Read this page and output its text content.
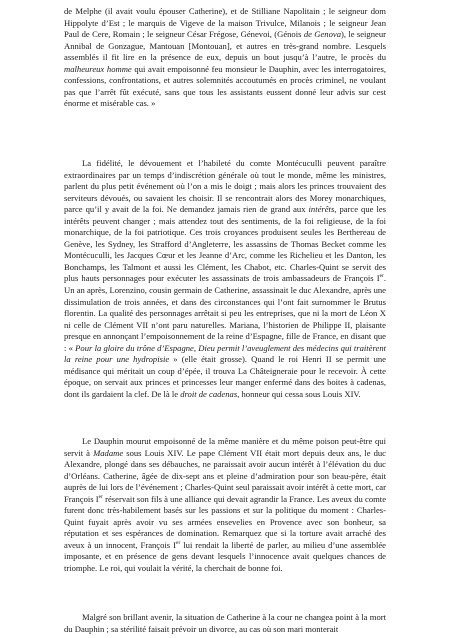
de Melphe (il avait voulu épouser Catherine), et de Stilliane Napolitain ; le seigneur dom Hippolyte d’Est ; le marquis de Vigeve de la maison Trivulce, Milanois ; le seigneur Jean Paul de Cere, Romain ; le seigneur César Frégose, Génevoi, (Génois de Genova), le seigneur Annibal de Gonzague, Mantouan [Montouan], et autres en très-grand nombre. Lesquels assemblés il fit lire en la présence de eux, depuis un bout jusqu’à l’autre, le procès du malheureux homme qui avait empoisonné feu monsieur le Dauphin, avec les interrogatoires, confessions, confrontations, et autres solemnités accoutumés en procès criminel, ne voulant pas que l’arrêt fût exécuté, sans que tous les assistants eussent donné leur advis sur cest énorme et misérable cas. »

La fidélité, le dévouement et l’habileté du comte Montécuculli peuvent paraître extraordinaires par un temps d’indiscrétion générale où tout le monde, même les ministres, parlent du plus petit événement où l’on a mis le doigt ; mais alors les princes trouvaient des serviteurs dévoués, ou savaient les choisir. Il se rencontrait alors des Morey monarchiques, parce qu’il y avait de la foi. Ne demandez jamais rien de grand aux intérêts, parce que les intérêts peuvent changer ; mais attendez tout des sentiments, de la foi religieuse, de la foi monarchique, de la foi patriotique. Ces trois croyances produisent seules les Berthereau de Genève, les Sydney, les Strafford d’Angleterre, les assassins de Thomas Becket comme les Montécuculli, les Jacques Cœur et les Jeanne d’Arc, comme les Richelieu et les Danton, les Bonchamps, les Talmont et aussi les Clément, les Chabot, etc. Charles-Quint se servit des plus hauts personnages pour exécuter les assassinats de trois ambassadeurs de François Ier. Un an après, Lorenzino, cousin germain de Catherine, assassinait le duc Alexandre, après une dissimulation de trois années, et dans des circonstances qui l’ont fait surnommer le Brutus florentin. La qualité des personnages arrêtait si peu les entreprises, que ni la mort de Léon X ni celle de Clément VII n’ont paru naturelles. Mariana, l’historien de Philippe II, plaisante presque en annonçant l’empoisonnement de la reine d’Espagne, fille de France, en disant que : « Pour la gloire du trône d’Espagne, Dieu permit l’aveuglement des médecins qui traitèrent la reine pour une hydropisie » (elle était grosse). Quand le roi Henri II se permit une médisance qui méritait un coup d’épée, il trouva La Châteigneraie pour le recevoir. À cette époque, on servait aux princes et princesses leur manger enfermé dans des boites à cadenas, dont ils gardaient la clef. De là le droit de cadenas, honneur qui cessa sous Louis XIV.

Le Dauphin mourut empoisonné de la même manière et du même poison peut-être qui servit à Madame sous Louis XIV. Le pape Clément VII était mort depuis deux ans, le duc Alexandre, plongé dans ses débauches, ne paraissait avoir aucun intérêt à l’élévation du duc d’Orléans. Catherine, âgée de dix-sept ans et pleine d’admiration pour son beau-père, était auprès de lui lors de l’événement ; Charles-Quint seul paraissait avoir intérêt à cette mort, car François Ier réservait son fils à une alliance qui devait agrandir la France. Les aveux du comte furent donc très-habilement basés sur les passions et sur la politique du moment : Charles-Quint fuyait après avoir vu ses armées ensevelies en Provence avec son bonheur, sa réputation et ses espérances de domination. Remarquez que si la torture avait arraché des aveux à un innocent, François Ier lui rendait la liberté de parler, au milieu d’une assemblée imposante, et en présence de gens devant lesquels l’innocence avait quelques chances de triomphe. Le roi, qui voulait la vérité, la cherchait de bonne foi.

Malgré son brillant avenir, la situation de Catherine à la cour ne changea point à la mort du Dauphin ; sa stérilité faisait prévoir un divorce, au cas où son mari monterait
